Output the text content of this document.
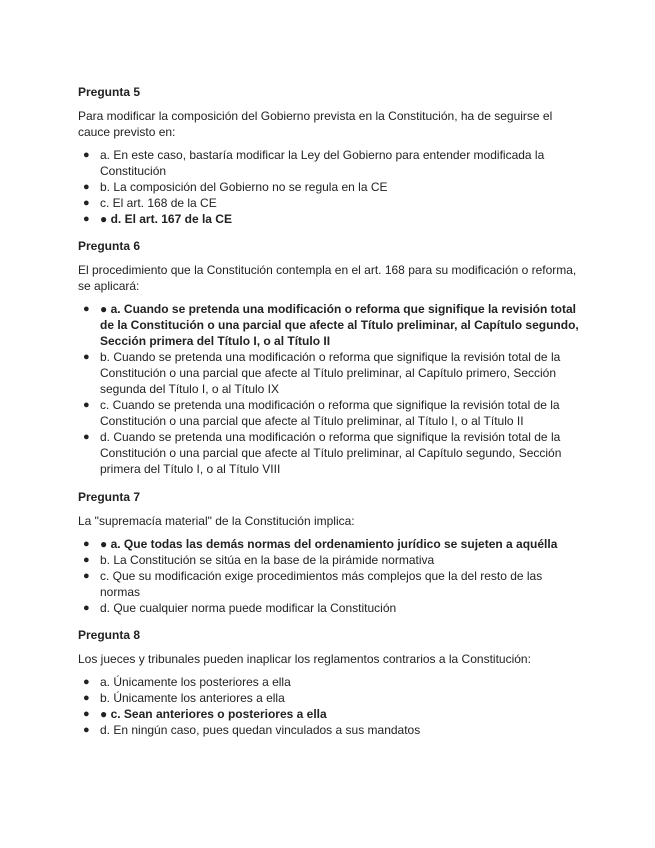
Pregunta 5

Para modificar la composición del Gobierno prevista en la Constitución, ha de seguirse el cauce previsto en:

● a. En este caso, bastaría modificar la Ley del Gobierno para entender modificada la Constitución
● b. La composición del Gobierno no se regula en la CE
● c. El art. 168 de la CE
● ● d. El art. 167 de la CE

Pregunta 6

El procedimiento que la Constitución contempla en el art. 168 para su modificación o reforma, se aplicará:

● ● a. Cuando se pretenda una modificación o reforma que signifique la revisión total de la Constitución o una parcial que afecte al Título preliminar, al Capítulo segundo, Sección primera del Título I, o al Título II
● b. Cuando se pretenda una modificación o reforma que signifique la revisión total de la Constitución o una parcial que afecte al Título preliminar, al Capítulo primero, Sección segunda del Título I, o al Título IX
● c. Cuando se pretenda una modificación o reforma que signifique la revisión total de la Constitución o una parcial que afecte al Título preliminar, al Título I, o al Título II
● d. Cuando se pretenda una modificación o reforma que signifique la revisión total de la Constitución o una parcial que afecte al Título preliminar, al Capítulo segundo, Sección primera del Título I, o al Título VIII

Pregunta 7

La "supremacía material" de la Constitución implica:

● ● a. Que todas las demás normas del ordenamiento jurídico se sujeten a aquélla
● b. La Constitución se sitúa en la base de la pirámide normativa
● c. Que su modificación exige procedimientos más complejos que la del resto de las normas
● d. Que cualquier norma puede modificar la Constitución

Pregunta 8

Los jueces y tribunales pueden inaplicar los reglamentos contrarios a la Constitución:

● a. Únicamente los posteriores a ella
● b. Únicamente los anteriores a ella
● ● c. Sean anteriores o posteriores a ella
● d. En ningún caso, pues quedan vinculados a sus mandatos
